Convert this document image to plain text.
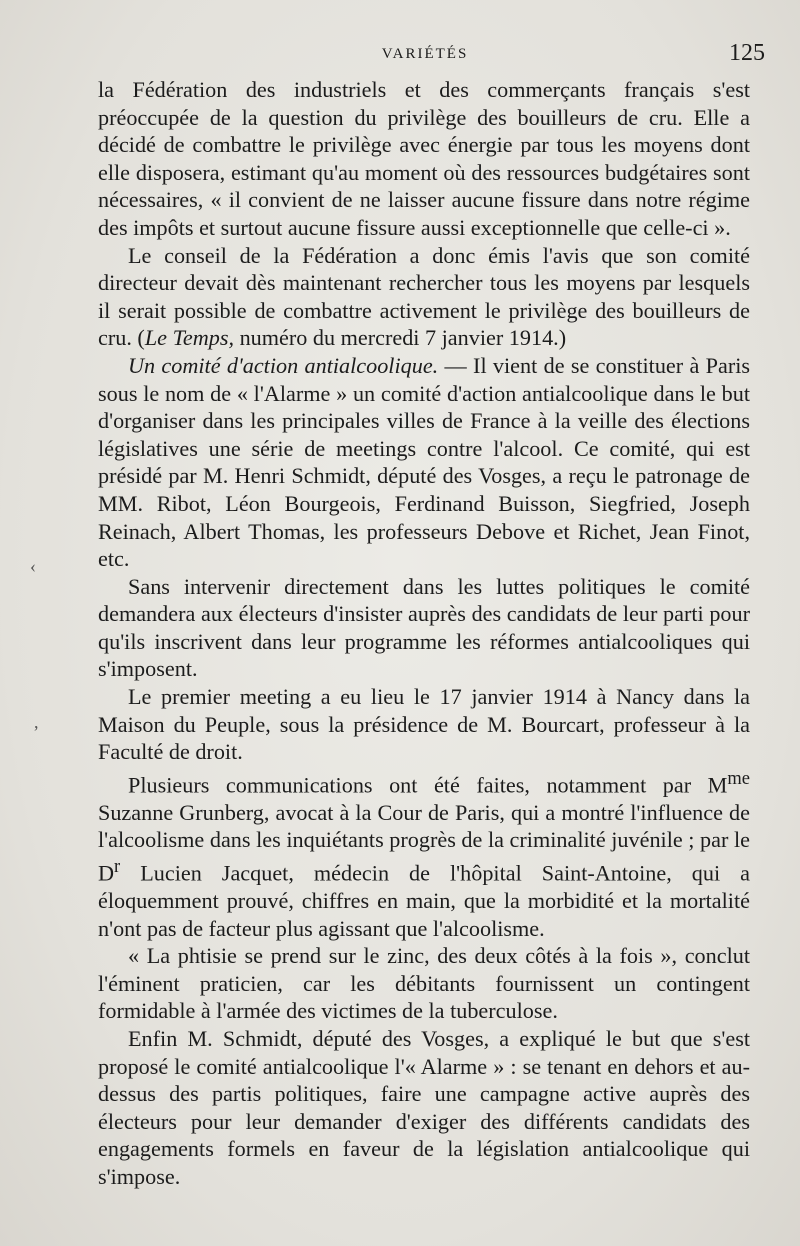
VARIÉTÉS	125

la Fédération des industriels et des commerçants français s'est préoccupée de la question du privilège des bouilleurs de cru. Elle a décidé de combattre le privilège avec énergie par tous les moyens dont elle disposera, estimant qu'au moment où des ressources budgétaires sont nécessaires, « il convient de ne laisser aucune fissure dans notre régime des impôts et surtout aucune fissure aussi exceptionnelle que celle-ci ».

Le conseil de la Fédération a donc émis l'avis que son comité directeur devait dès maintenant rechercher tous les moyens par lesquels il serait possible de combattre activement le privilège des bouilleurs de cru. (Le Temps, numéro du mercredi 7 janvier 1914.)

Un comité d'action antialcoolique. — Il vient de se constituer à Paris sous le nom de « l'Alarme » un comité d'action antialcoolique dans le but d'organiser dans les principales villes de France à la veille des élections législatives une série de meetings contre l'alcool. Ce comité, qui est présidé par M. Henri Schmidt, député des Vosges, a reçu le patronage de MM. Ribot, Léon Bourgeois, Ferdinand Buisson, Siegfried, Joseph Reinach, Albert Thomas, les professeurs Debove et Richet, Jean Finot, etc.

Sans intervenir directement dans les luttes politiques le comité demandera aux électeurs d'insister auprès des candidats de leur parti pour qu'ils inscrivent dans leur programme les réformes antialcooliques qui s'imposent.

Le premier meeting a eu lieu le 17 janvier 1914 à Nancy dans la Maison du Peuple, sous la présidence de M. Bourcart, professeur à la Faculté de droit.

Plusieurs communications ont été faites, notamment par $M^{me}$ Suzanne Grunberg, avocat à la Cour de Paris, qui a montré l'influence de l'alcoolisme dans les inquiétants progrès de la criminalité juvénile ; par le $D^r$ Lucien Jacquet, médecin de l'hôpital Saint-Antoine, qui a éloquemment prouvé, chiffres en main, que la morbidité et la mortalité n'ont pas de facteur plus agissant que l'alcoolisme.

« La phtisie se prend sur le zinc, des deux côtés à la fois », conclut l'éminent praticien, car les débitants fournissent un contingent formidable à l'armée des victimes de la tuberculose.

Enfin M. Schmidt, député des Vosges, a expliqué le but que s'est proposé le comité antialcoolique l'« Alarme » : se tenant en dehors et au-dessus des partis politiques, faire une campagne active auprès des électeurs pour leur demander d'exiger des différents candidats des engagements formels en faveur de la législation antialcoolique qui s'impose.

‹
,
